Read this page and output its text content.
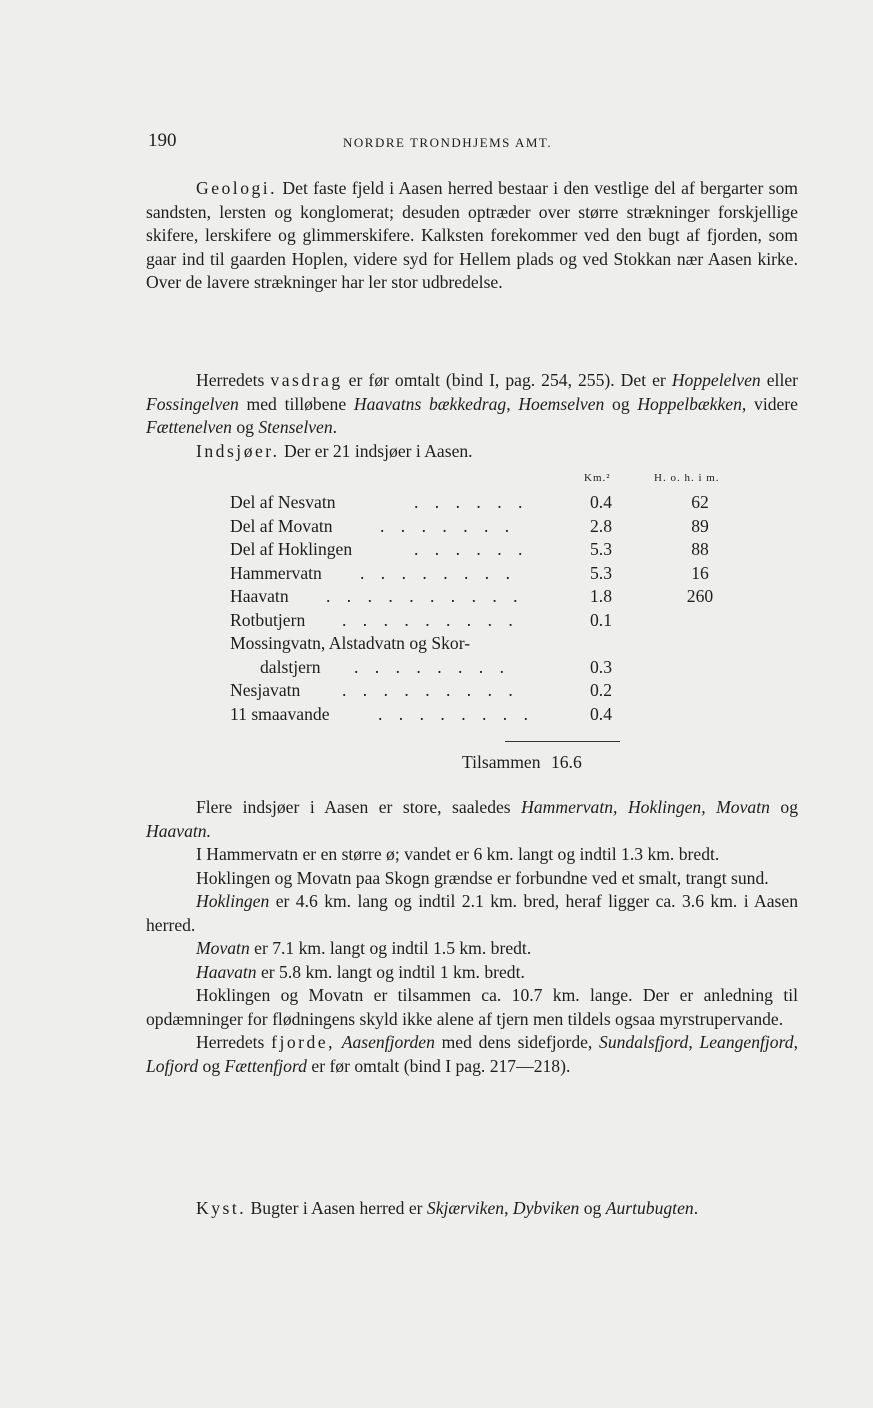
190	NORDRE TRONDHJEMS AMT.

Geologi. Det faste fjeld i Aasen herred bestaar i den vestlige del af bergarter som sandsten, lersten og konglomerat; desuden optræder over større strækninger forskjellige skifere, lerskifere og glimmerskifere. Kalksten forekommer ved den bugt af fjorden, som gaar ind til gaarden Hoplen, videre syd for Hellem plads og ved Stokkan nær Aasen kirke. Over de lavere strækninger har ler stor udbredelse.

Herredets vasdrag er før omtalt (bind I, pag. 254, 255). Det er Hoppelelven eller Fossingelven med tilløbene Haavatns bækkedrag, Hoemselven og Hoppelbækken, videre Fættenelven og Stenselven.

Indsjøer. Der er 21 indsjøer i Aasen.

Km.²	H. o. h. i m.
Del af Nesvatn	. . . . . .	0.4	62
Del af Movatn	. . . . . . .	2.8	89
Del af Hoklingen	. . . . . .	5.3	88
Hammervatn . . . . . . . .	5.3	16
Haavatn . . . . . . . . . .	1.8	260
Rotbutjern . . . . . . . . .	0.1
Mossingvatn, Alstadvatn og Skor-
dalstjern . . . . . . . .	0.3
Nesjavatn . . . . . . . . .	0.2
11 smaavande	. . . . . . . .	0.4
Tilsammen 16.6

Flere indsjøer i Aasen er store, saaledes Hammervatn, Hoklingen, Movatn og Haavatn.

I Hammervatn er en større ø; vandet er 6 km. langt og indtil 1.3 km. bredt.

Hoklingen og Movatn paa Skogn grændse er forbundne ved et smalt, trangt sund.

Hoklingen er 4.6 km. lang og indtil 2.1 km. bred, heraf ligger ca. 3.6 km. i Aasen herred.

Movatn er 7.1 km. langt og indtil 1.5 km. bredt.

Haavatn er 5.8 km. langt og indtil 1 km. bredt.

Hoklingen og Movatn er tilsammen ca. 10.7 km. lange. Der er anledning til opdæmninger for flødningens skyld ikke alene af tjern men tildels ogsaa myrstrupervande.

Herredets fjorde, Aasenfjorden med dens sidefjorde, Sundalsfjord, Leangenfjord, Lofjord og Fættenfjord er før omtalt (bind I pag. 217—218).

Kyst. Bugter i Aasen herred er Skjærviken, Dybviken og Aurtubugten.
